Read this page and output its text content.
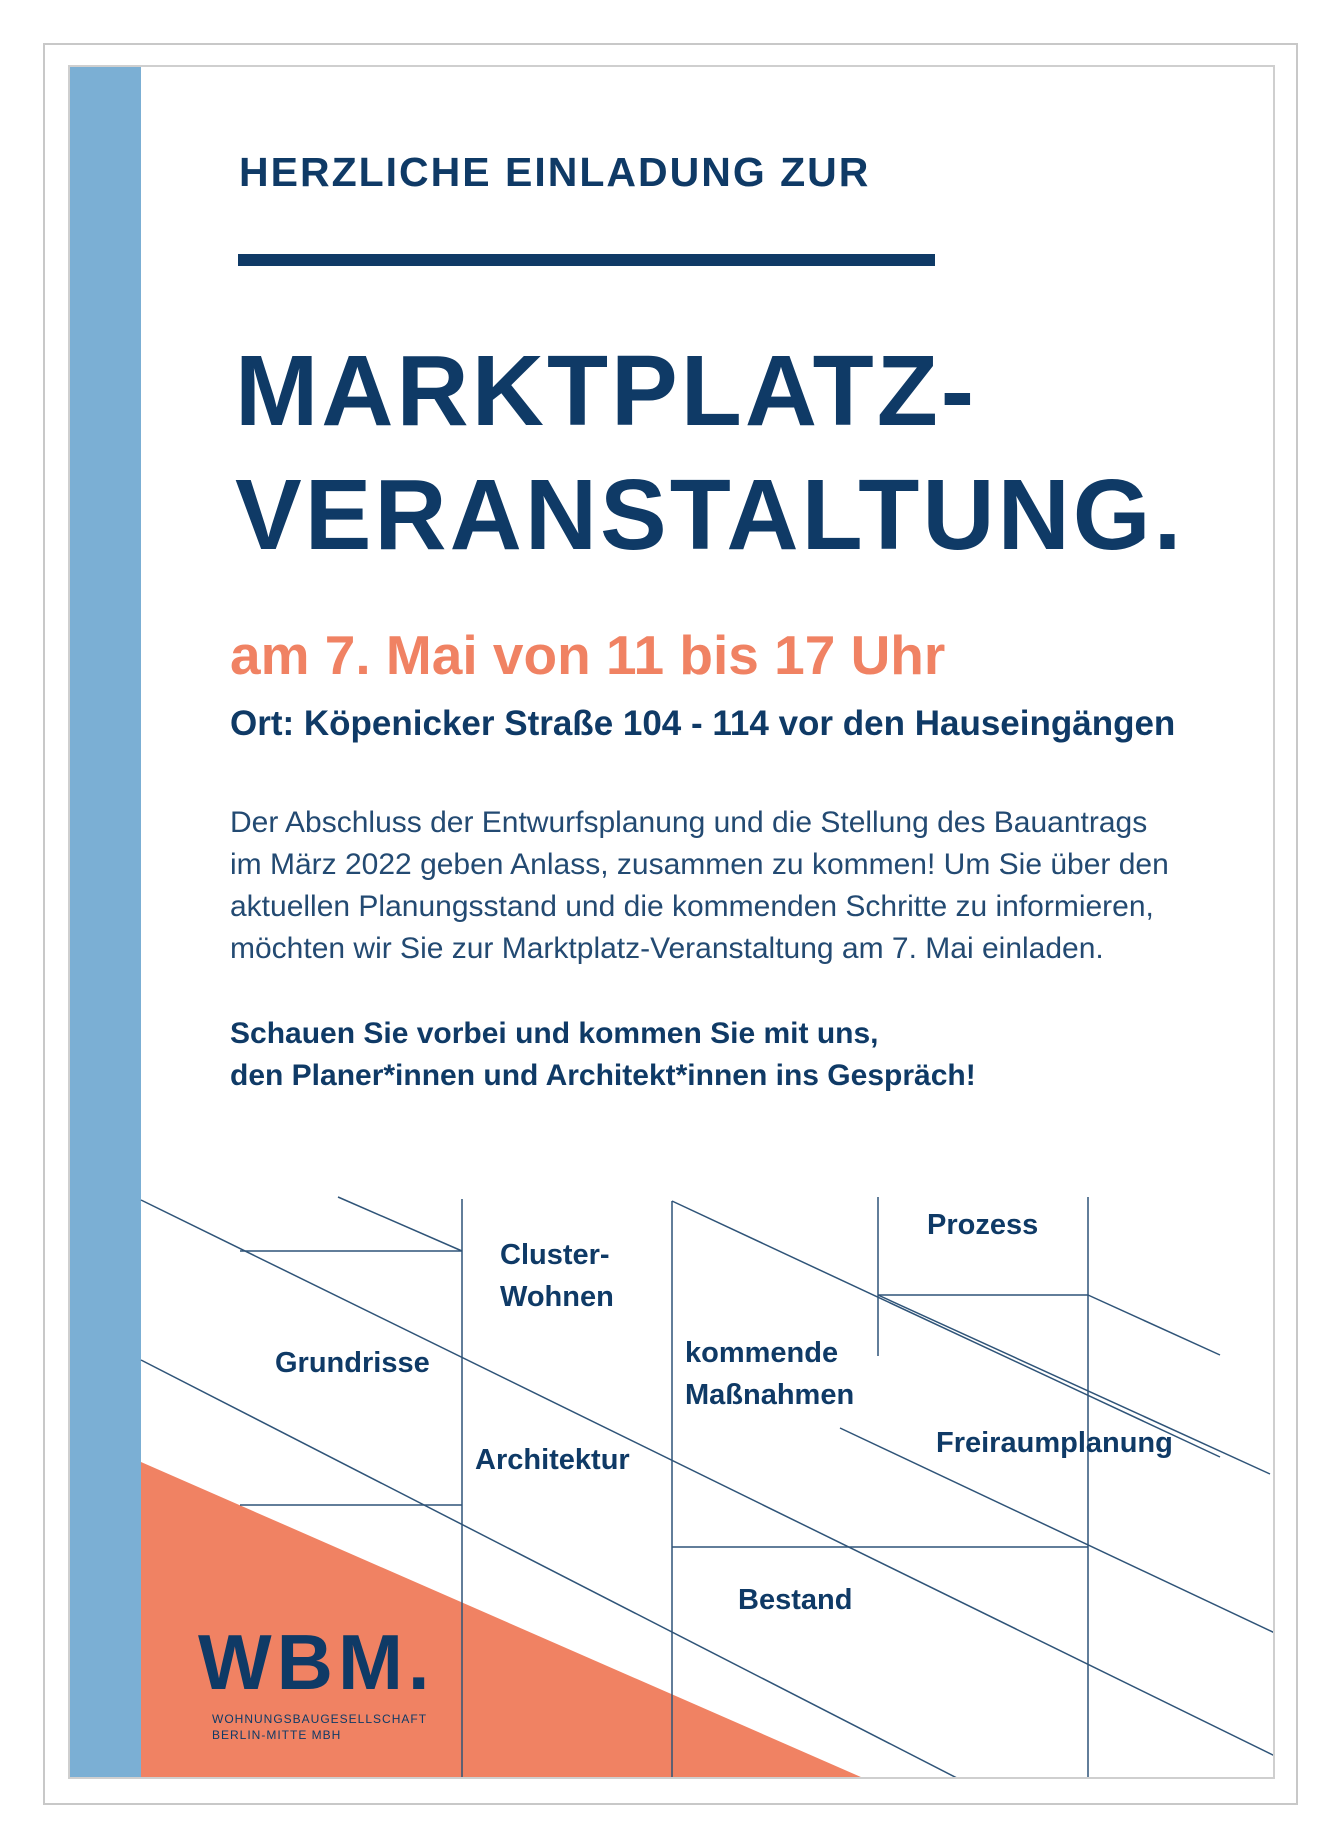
HERZLICHE EINLADUNG ZUR
MARKTPLATZ-
VERANSTALTUNG.
am 7. Mai von 11 bis 17 Uhr
Ort: Köpenicker Straße 104 - 114 vor den Hauseingängen
Der Abschluss der Entwurfsplanung und die Stellung des Bauantrags
im März 2022 geben Anlass, zusammen zu kommen! Um Sie über den
aktuellen Planungsstand und die kommenden Schritte zu informieren,
möchten wir Sie zur Marktplatz-Veranstaltung am 7. Mai einladen.
Schauen Sie vorbei und kommen Sie mit uns,
den Planer*innen und Architekt*innen ins Gespräch!
Cluster-
Wohnen
Prozess
Grundrisse	kommende
Maßnahmen
Architektur
Freiraumplanung
Bestand
WBM.
WOHNUNGSBAUGESELLSCHAFT
BERLIN-MITTE MBH
